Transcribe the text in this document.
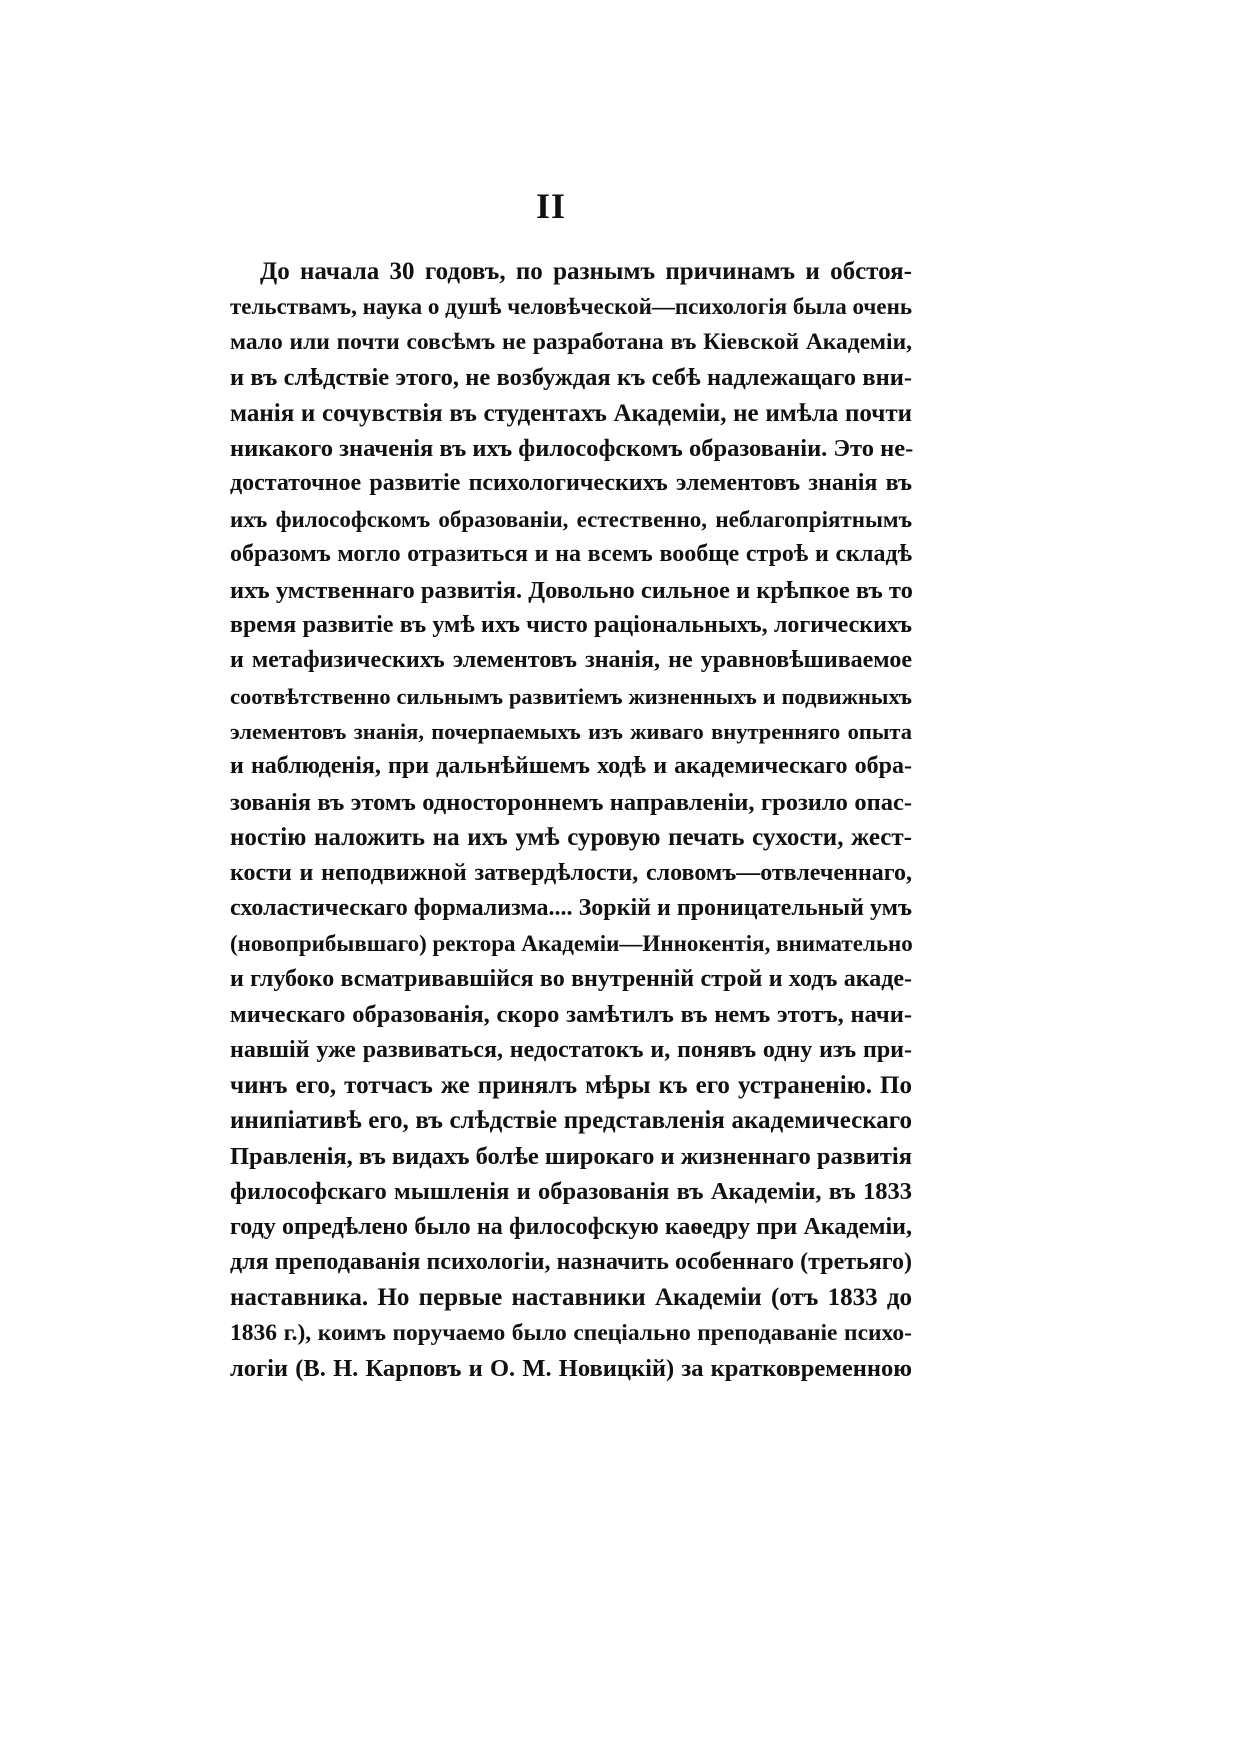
II
До начала 30 годовъ, по разнымъ причинамъ и обстоя-
тельствамъ, наука о душѣ человѣческой—психологія была очень
мало или почти совсѣмъ не разработана въ Кіевской Академіи,
и въ слѣдствіе этого, не возбуждая къ себѣ надлежащаго вни-
манія и сочувствія въ студентахъ Академіи, не имѣла почти
никакого значенія въ ихъ философскомъ образованіи. Это не-
достаточное развитіе психологическихъ элементовъ знанія въ
ихъ философскомъ образованіи, естественно, неблагопріятнымъ
образомъ могло отразиться и на всемъ вообще строѣ и складѣ
ихъ умственнаго развитія. Довольно сильное и крѣпкое въ то
время развитіе въ умѣ ихъ чисто раціональныхъ, логическихъ
и метафизическихъ элементовъ знанія, не уравновѣшиваемое
соотвѣтственно сильнымъ развитіемъ жизненныхъ и подвижныхъ
элементовъ знанія, почерпаемыхъ изъ живаго внутренняго опыта
и наблюденія, при дальнѣйшемъ ходѣ и академическаго обра-
зованія въ этомъ одностороннемъ направленіи, грозило опас-
ностію наложить на ихъ умѣ суровую печать сухости, жест-
кости и неподвижной затвердѣлости, словомъ—отвлеченнаго,
схоластическаго формализма.... Зоркій и проницательный умъ
(новоприбывшаго) ректора Академіи—Иннокентія, внимательно
и глубоко всматривавшійся во внутренній строй и ходъ акаде-
мическаго образованія, скоро замѣтилъ въ немъ этотъ, начи-
навшій уже развиваться, недостатокъ и, понявъ одну изъ при-
чинъ его, тотчасъ же принялъ мѣры къ его устраненію. По
инипіативѣ его, въ слѣдствіе представленія академическаго
Правленія, въ видахъ болѣе широкаго и жизненнаго развитія
философскаго мышленія и образованія въ Академіи, въ 1833
году опредѣлено было на философскую каѳедру при Академіи,
для преподаванія психологіи, назначить особеннаго (третьяго)
наставника. Но первые наставники Академіи (отъ 1833 до
1836 г.), коимъ поручаемо было спеціально преподаваніе психо-
логіи (В. Н. Карповъ и О. М. Новицкій) за кратковременною
